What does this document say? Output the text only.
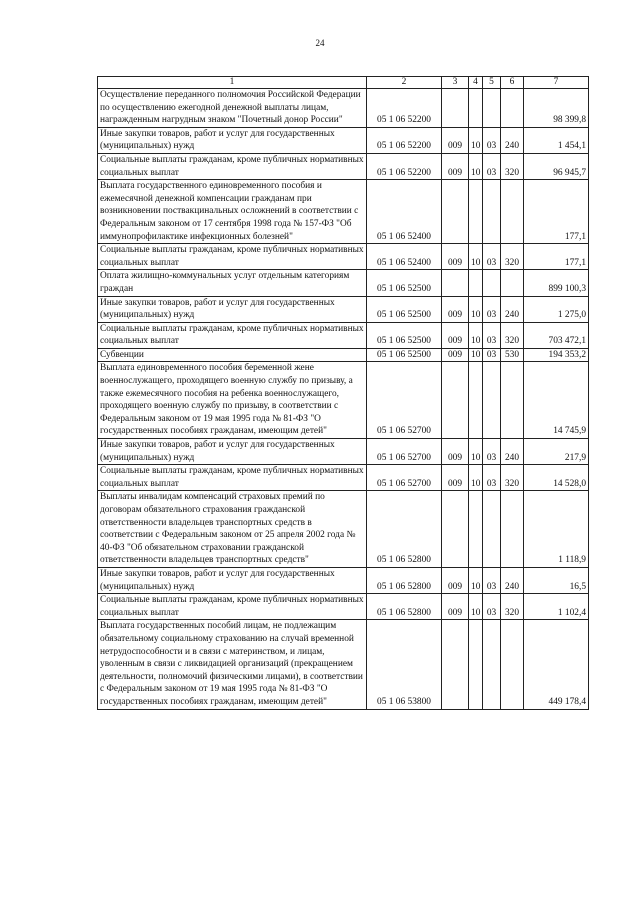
24
1	2	3	4	5	6	7
Осуществление переданного полномочия Российской Федерации по осуществлению ежегодной денежной выплаты лицам, награжденным нагрудным знаком "Почетный донор России"	05 1 06 52200					98 399,8
Иные закупки товаров, работ и услуг для государственных (муниципальных) нужд	05 1 06 52200	009	10	03	240	1 454,1
Социальные выплаты гражданам, кроме публичных нормативных социальных выплат	05 1 06 52200	009	10	03	320	96 945,7
Выплата государственного единовременного пособия и ежемесячной денежной компенсации гражданам при возникновении поствакцинальных осложнений в соответствии с Федеральным законом от 17 сентября 1998 года № 157-ФЗ "Об иммунопрофилактике инфекционных болезней"	05 1 06 52400					177,1
Социальные выплаты гражданам, кроме публичных нормативных социальных выплат	05 1 06 52400	009	10	03	320	177,1
Оплата жилищно-коммунальных услуг отдельным категориям граждан	05 1 06 52500					899 100,3
Иные закупки товаров, работ и услуг для государственных (муниципальных) нужд	05 1 06 52500	009	10	03	240	1 275,0
Социальные выплаты гражданам, кроме публичных нормативных социальных выплат	05 1 06 52500	009	10	03	320	703 472,1
Субвенции	05 1 06 52500	009	10	03	530	194 353,2
Выплата единовременного пособия беременной жене военнослужащего, проходящего военную службу по призыву, а также ежемесячного пособия на ребенка военнослужащего, проходящего военную службу по призыву, в соответствии с Федеральным законом от 19 мая 1995 года № 81-ФЗ "О государственных пособиях гражданам, имеющим детей"	05 1 06 52700					14 745,9
Иные закупки товаров, работ и услуг для государственных (муниципальных) нужд	05 1 06 52700	009	10	03	240	217,9
Социальные выплаты гражданам, кроме публичных нормативных социальных выплат	05 1 06 52700	009	10	03	320	14 528,0
Выплаты инвалидам компенсаций страховых премий по договорам обязательного страхования гражданской ответственности владельцев транспортных средств в соответствии с Федеральным законом от 25 апреля 2002 года № 40-ФЗ "Об обязательном страховании гражданской ответственности владельцев транспортных средств"	05 1 06 52800					1 118,9
Иные закупки товаров, работ и услуг для государственных (муниципальных) нужд	05 1 06 52800	009	10	03	240	16,5
Социальные выплаты гражданам, кроме публичных нормативных социальных выплат	05 1 06 52800	009	10	03	320	1 102,4
Выплата государственных пособий лицам, не подлежащим обязательному социальному страхованию на случай временной нетрудоспособности и в связи с материнством, и лицам, уволенным в связи с ликвидацией организаций (прекращением деятельности, полномочий физическими лицами), в соответствии с Федеральным законом от 19 мая 1995 года № 81-ФЗ "О государственных пособиях гражданам, имеющим детей"	05 1 06 53800					449 178,4
